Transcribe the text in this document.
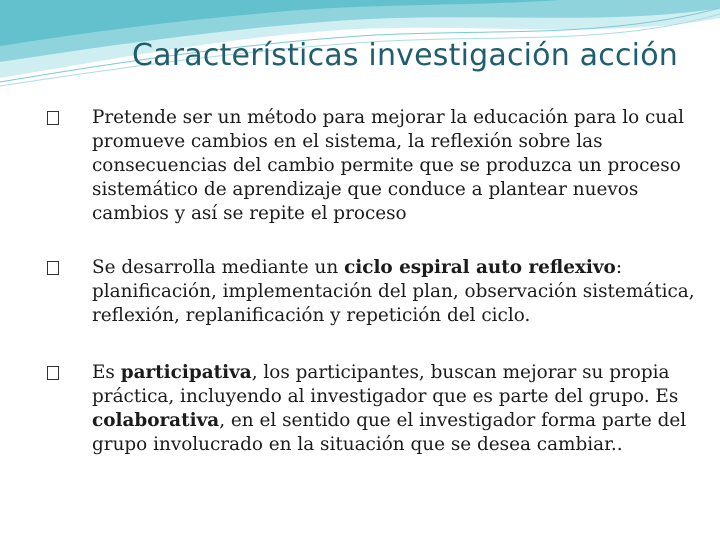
Características investigación acción
Pretende ser un método para mejorar la educación para lo cual promueve cambios en el sistema, la reflexión sobre las consecuencias del cambio permite que se produzca un proceso sistemático de aprendizaje que conduce a plantear nuevos cambios y así se repite el proceso
Se desarrolla mediante un ciclo espiral auto reflexivo: planificación, implementación del plan, observación sistemática, reflexión, replanificación y repetición del ciclo.
Es participativa, los participantes, buscan mejorar su propia práctica, incluyendo al investigador que es parte del grupo. Es colaborativa, en el sentido que el investigador forma parte del grupo involucrado en la situación que se desea cambiar..
